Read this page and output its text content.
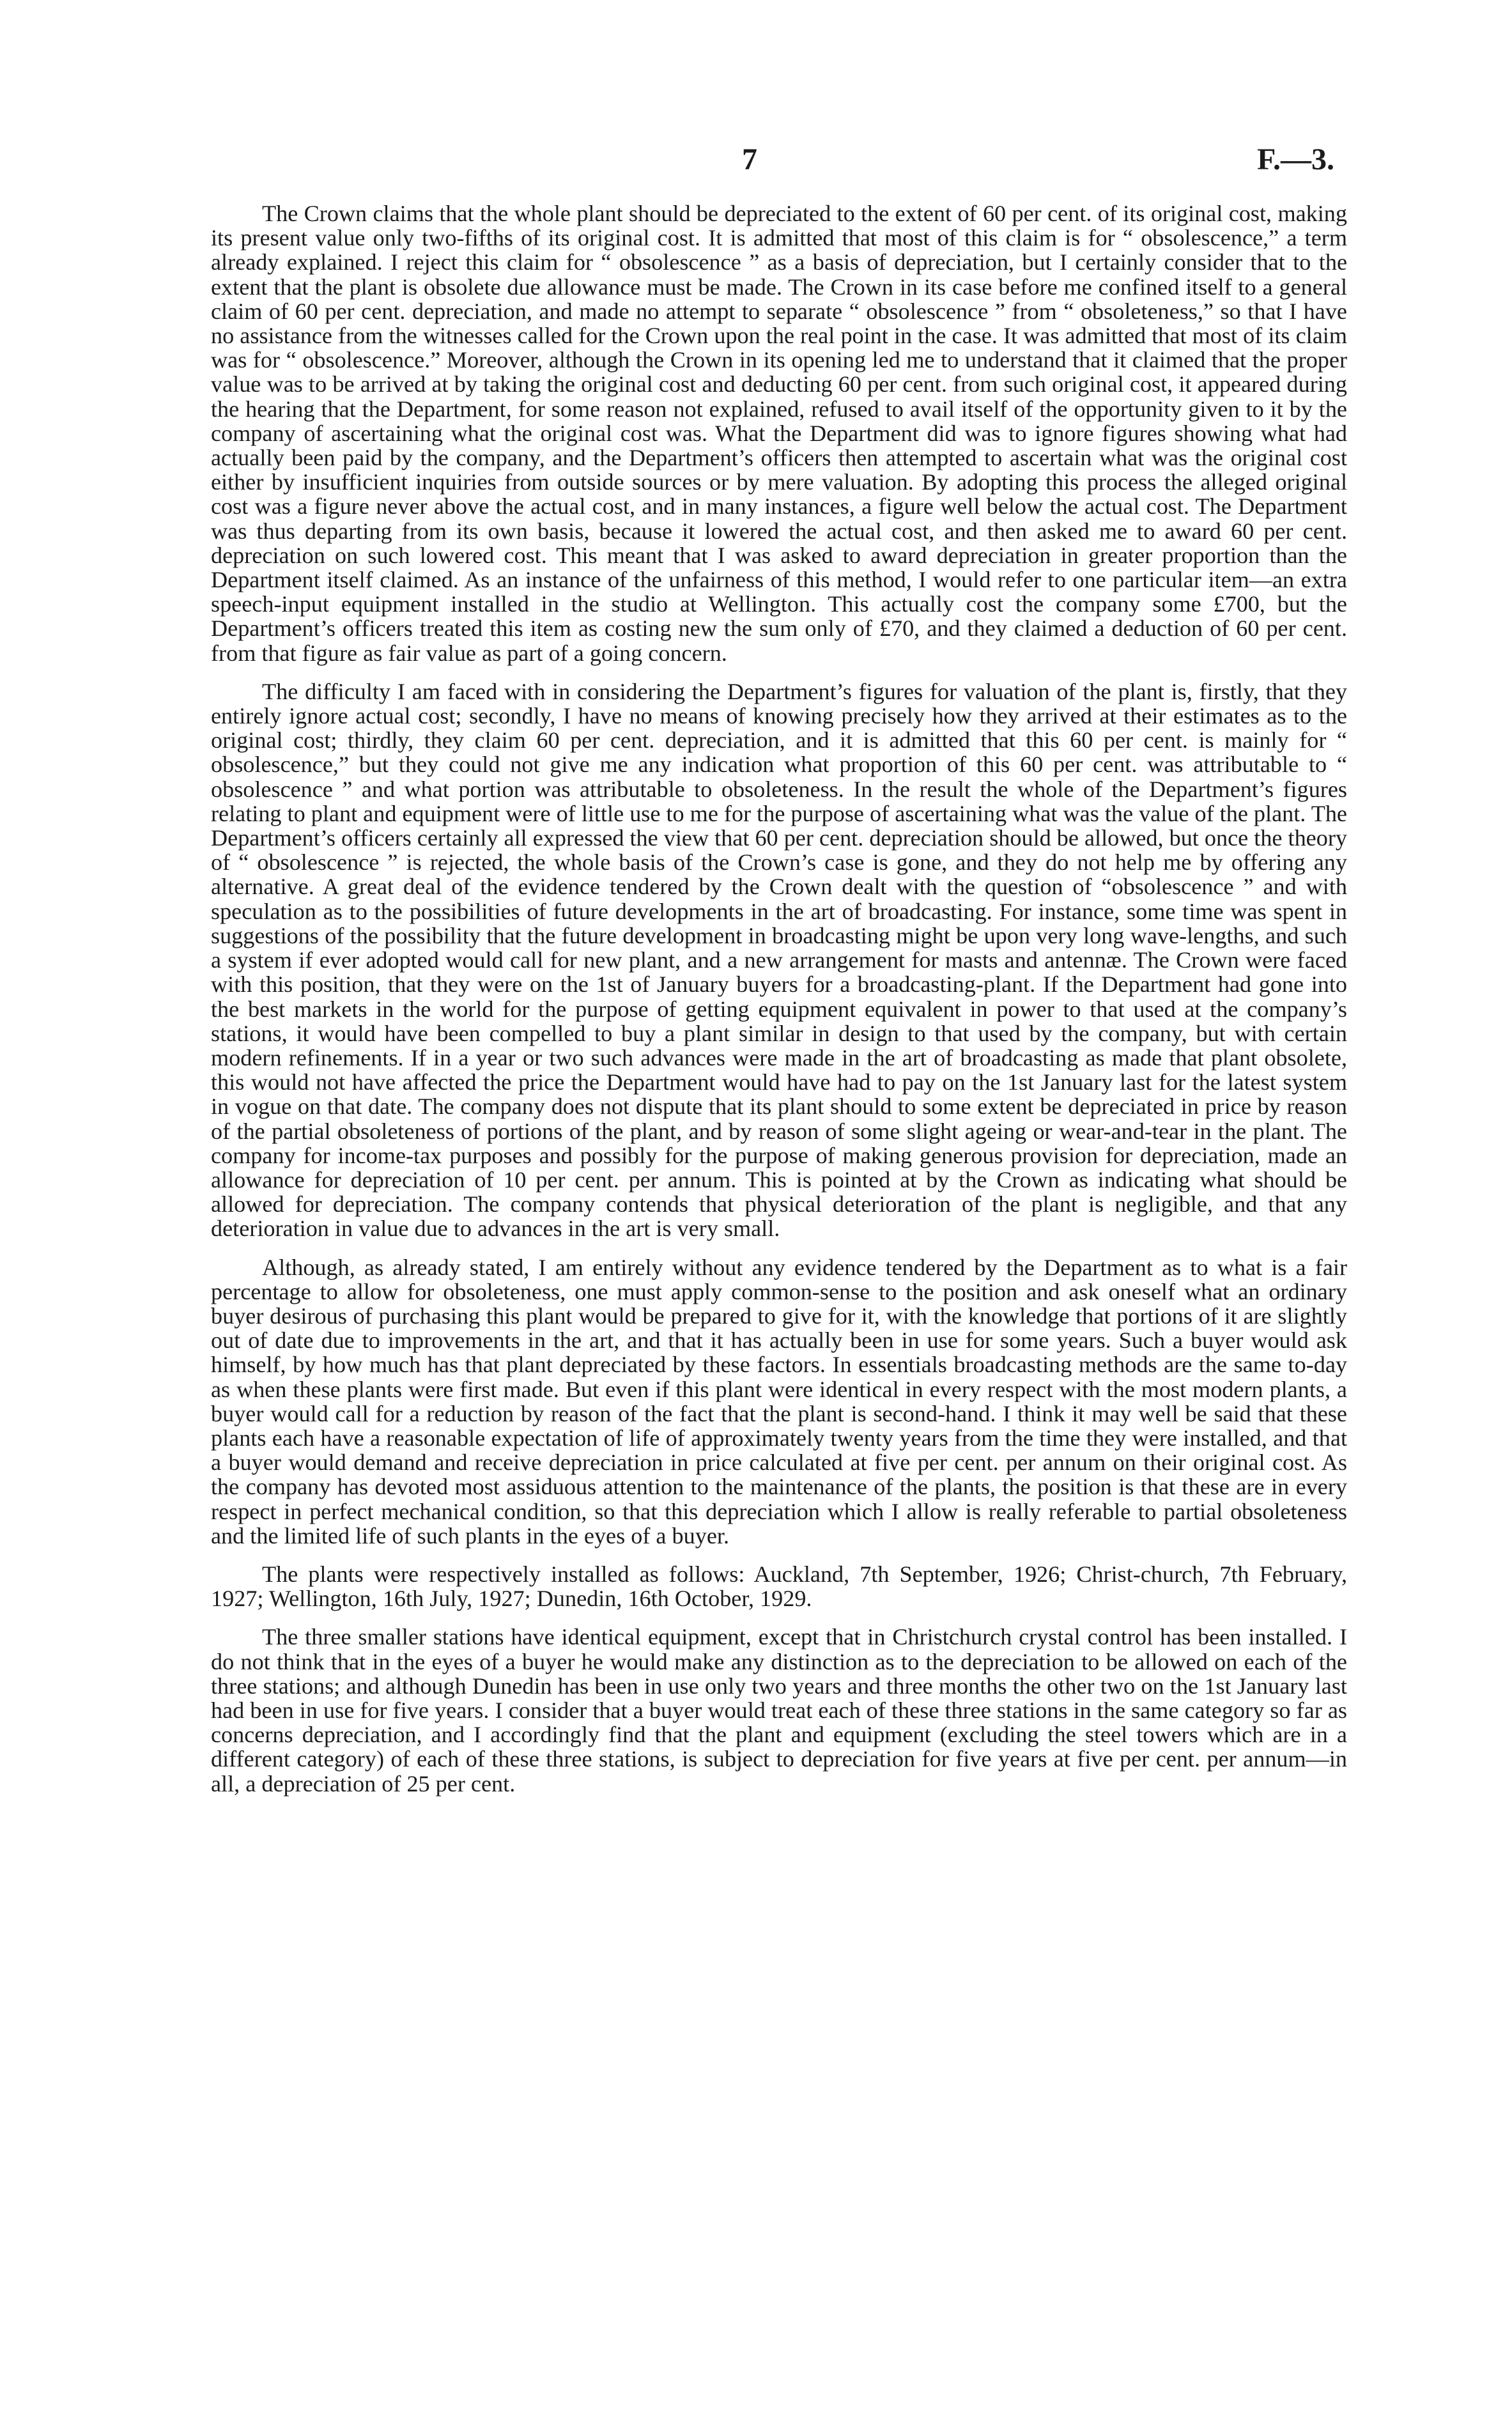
7	F.—3.

The Crown claims that the whole plant should be depreciated to the extent of 60 per cent. of its original cost, making its present value only two-fifths of its original cost. It is admitted that most of this claim is for “ obsolescence,” a term already explained. I reject this claim for “ obsolescence ” as a basis of depreciation, but I certainly consider that to the extent that the plant is obsolete due allowance must be made. The Crown in its case before me confined itself to a general claim of 60 per cent. depreciation, and made no attempt to separate “ obsolescence ” from “ obsoleteness,” so that I have no assistance from the witnesses called for the Crown upon the real point in the case. It was admitted that most of its claim was for “ obsolescence.” Moreover, although the Crown in its opening led me to understand that it claimed that the proper value was to be arrived at by taking the original cost and deducting 60 per cent. from such original cost, it appeared during the hearing that the Department, for some reason not explained, refused to avail itself of the opportunity given to it by the company of ascertaining what the original cost was. What the Department did was to ignore figures showing what had actually been paid by the company, and the Department’s officers then attempted to ascertain what was the original cost either by insufficient inquiries from outside sources or by mere valuation. By adopting this process the alleged original cost was a figure never above the actual cost, and in many instances, a figure well below the actual cost. The Department was thus departing from its own basis, because it lowered the actual cost, and then asked me to award 60 per cent. depreciation on such lowered cost. This meant that I was asked to award depreciation in greater proportion than the Department itself claimed. As an instance of the unfairness of this method, I would refer to one particular item—an extra speech-input equipment installed in the studio at Wellington. This actually cost the company some £700, but the Department’s officers treated this item as costing new the sum only of £70, and they claimed a deduction of 60 per cent. from that figure as fair value as part of a going concern.

The difficulty I am faced with in considering the Department’s figures for valuation of the plant is, firstly, that they entirely ignore actual cost; secondly, I have no means of knowing precisely how they arrived at their estimates as to the original cost; thirdly, they claim 60 per cent. depreciation, and it is admitted that this 60 per cent. is mainly for “ obsolescence,” but they could not give me any indication what proportion of this 60 per cent. was attributable to “ obsolescence ” and what portion was attributable to obsoleteness. In the result the whole of the Department’s figures relating to plant and equipment were of little use to me for the purpose of ascertaining what was the value of the plant. The Department’s officers certainly all expressed the view that 60 per cent. depreciation should be allowed, but once the theory of “ obsolescence ” is rejected, the whole basis of the Crown’s case is gone, and they do not help me by offering any alternative. A great deal of the evidence tendered by the Crown dealt with the question of “obsolescence ” and with speculation as to the possibilities of future developments in the art of broadcasting. For instance, some time was spent in suggestions of the possibility that the future development in broadcasting might be upon very long wave-lengths, and such a system if ever adopted would call for new plant, and a new arrangement for masts and antennæ. The Crown were faced with this position, that they were on the 1st of January buyers for a broadcasting-plant. If the Department had gone into the best markets in the world for the purpose of getting equipment equivalent in power to that used at the company’s stations, it would have been compelled to buy a plant similar in design to that used by the company, but with certain modern refinements. If in a year or two such advances were made in the art of broadcasting as made that plant obsolete, this would not have affected the price the Department would have had to pay on the 1st January last for the latest system in vogue on that date. The company does not dispute that its plant should to some extent be depreciated in price by reason of the partial obsoleteness of portions of the plant, and by reason of some slight ageing or wear-and-tear in the plant. The company for income-tax purposes and possibly for the purpose of making generous provision for depreciation, made an allowance for depreciation of 10 per cent. per annum. This is pointed at by the Crown as indicating what should be allowed for depreciation. The company contends that physical deterioration of the plant is negligible, and that any deterioration in value due to advances in the art is very small.

Although, as already stated, I am entirely without any evidence tendered by the Department as to what is a fair percentage to allow for obsoleteness, one must apply common-sense to the position and ask oneself what an ordinary buyer desirous of purchasing this plant would be prepared to give for it, with the knowledge that portions of it are slightly out of date due to improvements in the art, and that it has actually been in use for some years. Such a buyer would ask himself, by how much has that plant depreciated by these factors. In essentials broadcasting methods are the same to-day as when these plants were first made. But even if this plant were identical in every respect with the most modern plants, a buyer would call for a reduction by reason of the fact that the plant is second-hand. I think it may well be said that these plants each have a reasonable expectation of life of approximately twenty years from the time they were installed, and that a buyer would demand and receive depreciation in price calculated at five per cent. per annum on their original cost. As the company has devoted most assiduous attention to the maintenance of the plants, the position is that these are in every respect in perfect mechanical condition, so that this depreciation which I allow is really referable to partial obsoleteness and the limited life of such plants in the eyes of a buyer.

The plants were respectively installed as follows: Auckland, 7th September, 1926; Christ-church, 7th February, 1927; Wellington, 16th July, 1927; Dunedin, 16th October, 1929.

The three smaller stations have identical equipment, except that in Christchurch crystal control has been installed. I do not think that in the eyes of a buyer he would make any distinction as to the depreciation to be allowed on each of the three stations; and although Dunedin has been in use only two years and three months the other two on the 1st January last had been in use for five years. I consider that a buyer would treat each of these three stations in the same category so far as concerns depreciation, and I accordingly find that the plant and equipment (excluding the steel towers which are in a different category) of each of these three stations, is subject to depreciation for five years at five per cent. per annum—in all, a depreciation of 25 per cent.
